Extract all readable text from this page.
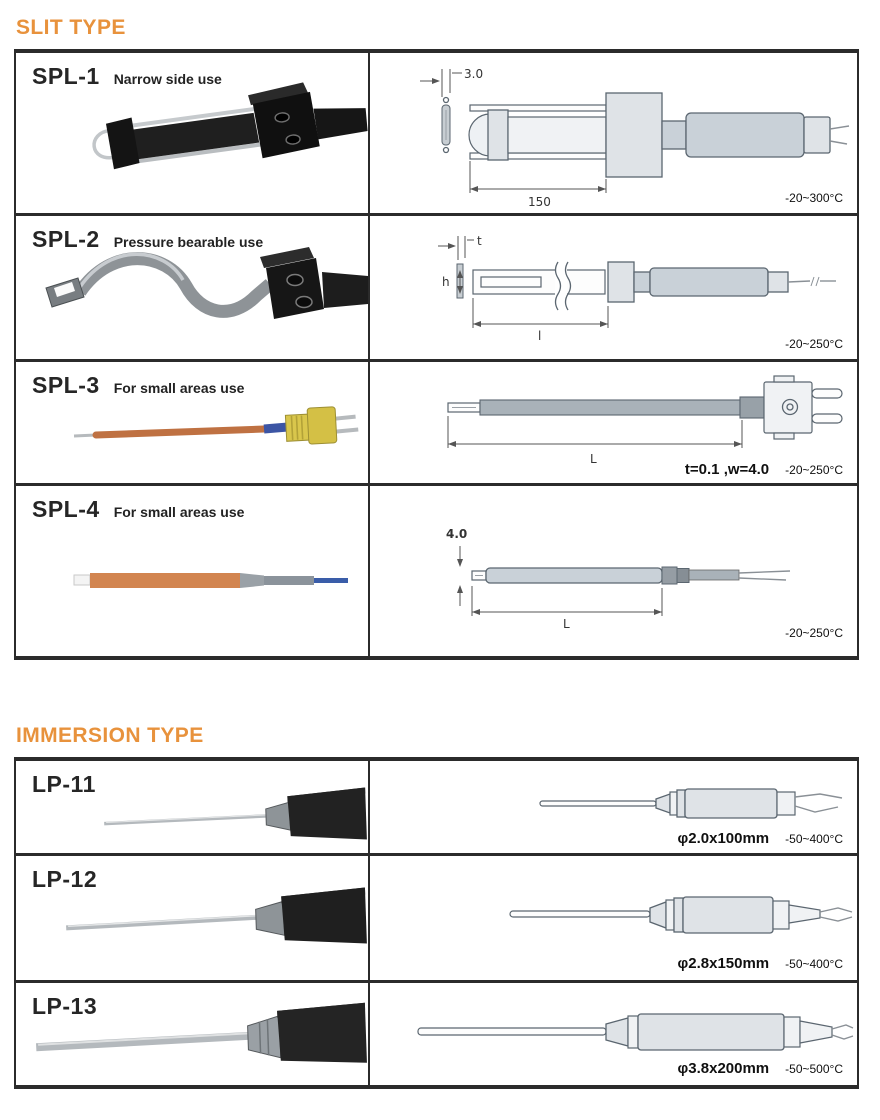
SLIT TYPE
SPL-1 Narrow side use	3.0
150	-20~300°C
SPL-2 Pressure bearable use	t
h
l
-20~250°C
SPL-3 For small areas use
L
t=0.1 ,w=4.0 -20~250°C
SPL-4 For small areas use
4.0
L
-20~250°C
IMMERSION TYPE
LP-11
φ2.0x100mm -50~400°C
LP-12
φ2.8x150mm -50~400°C
LP-13
φ3.8x200mm -50~500°C
